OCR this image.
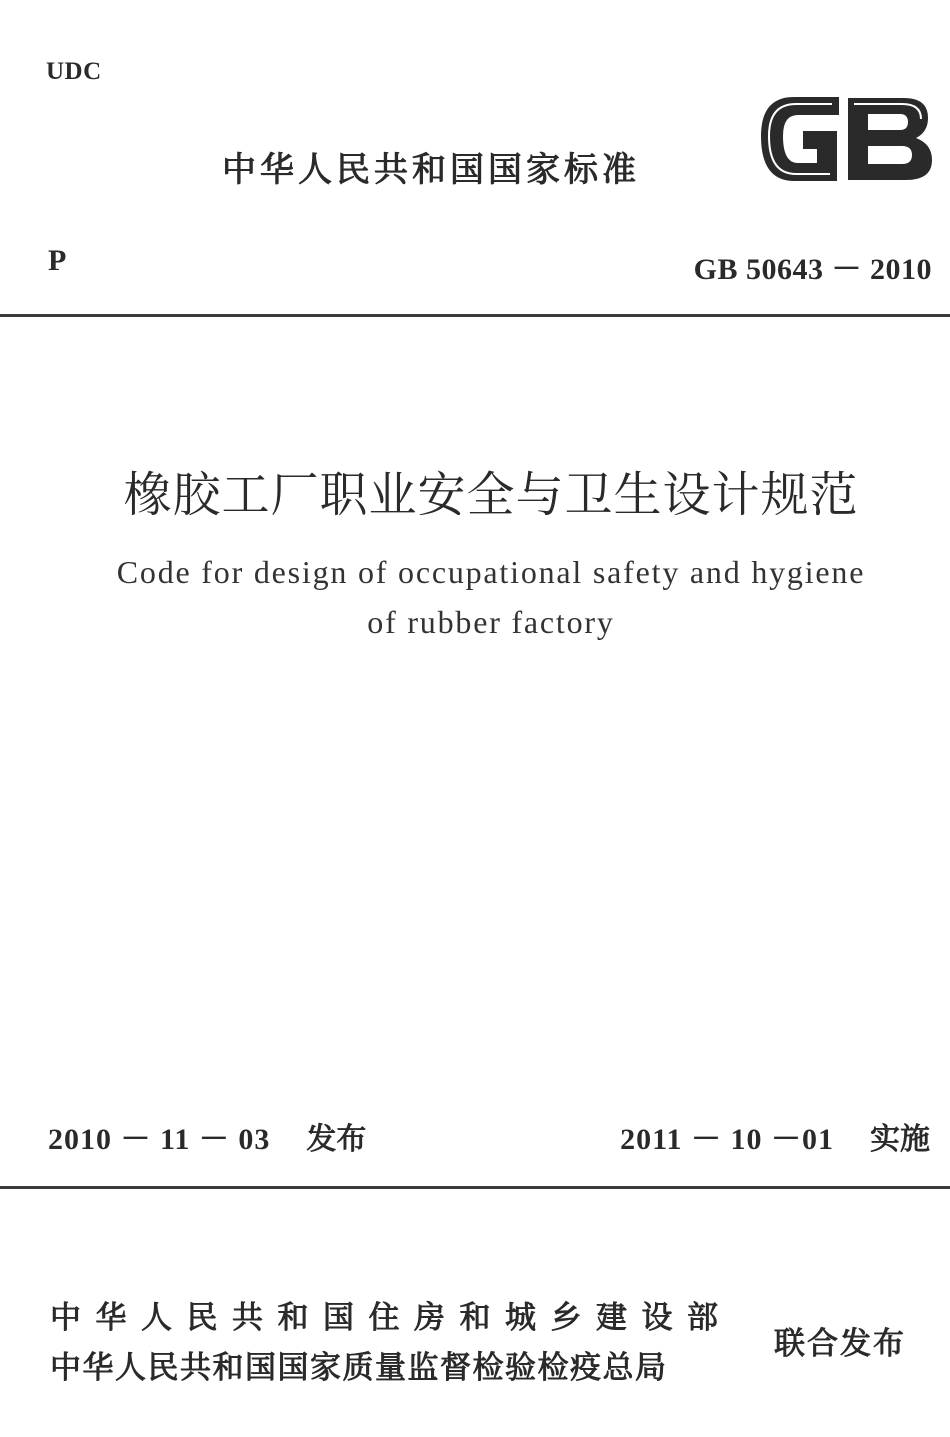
UDC
中华人民共和国国家标准
P	GB 50643 － 2010
橡胶工厂职业安全与卫生设计规范
Code for design of occupational safety and hygiene
of rubber factory
2010 － 11 － 03 发布	2011 － 10 －01 实施
中华人民共和国住房和城乡建设部
中华人民共和国国家质量监督检验检疫总局
联合发布
